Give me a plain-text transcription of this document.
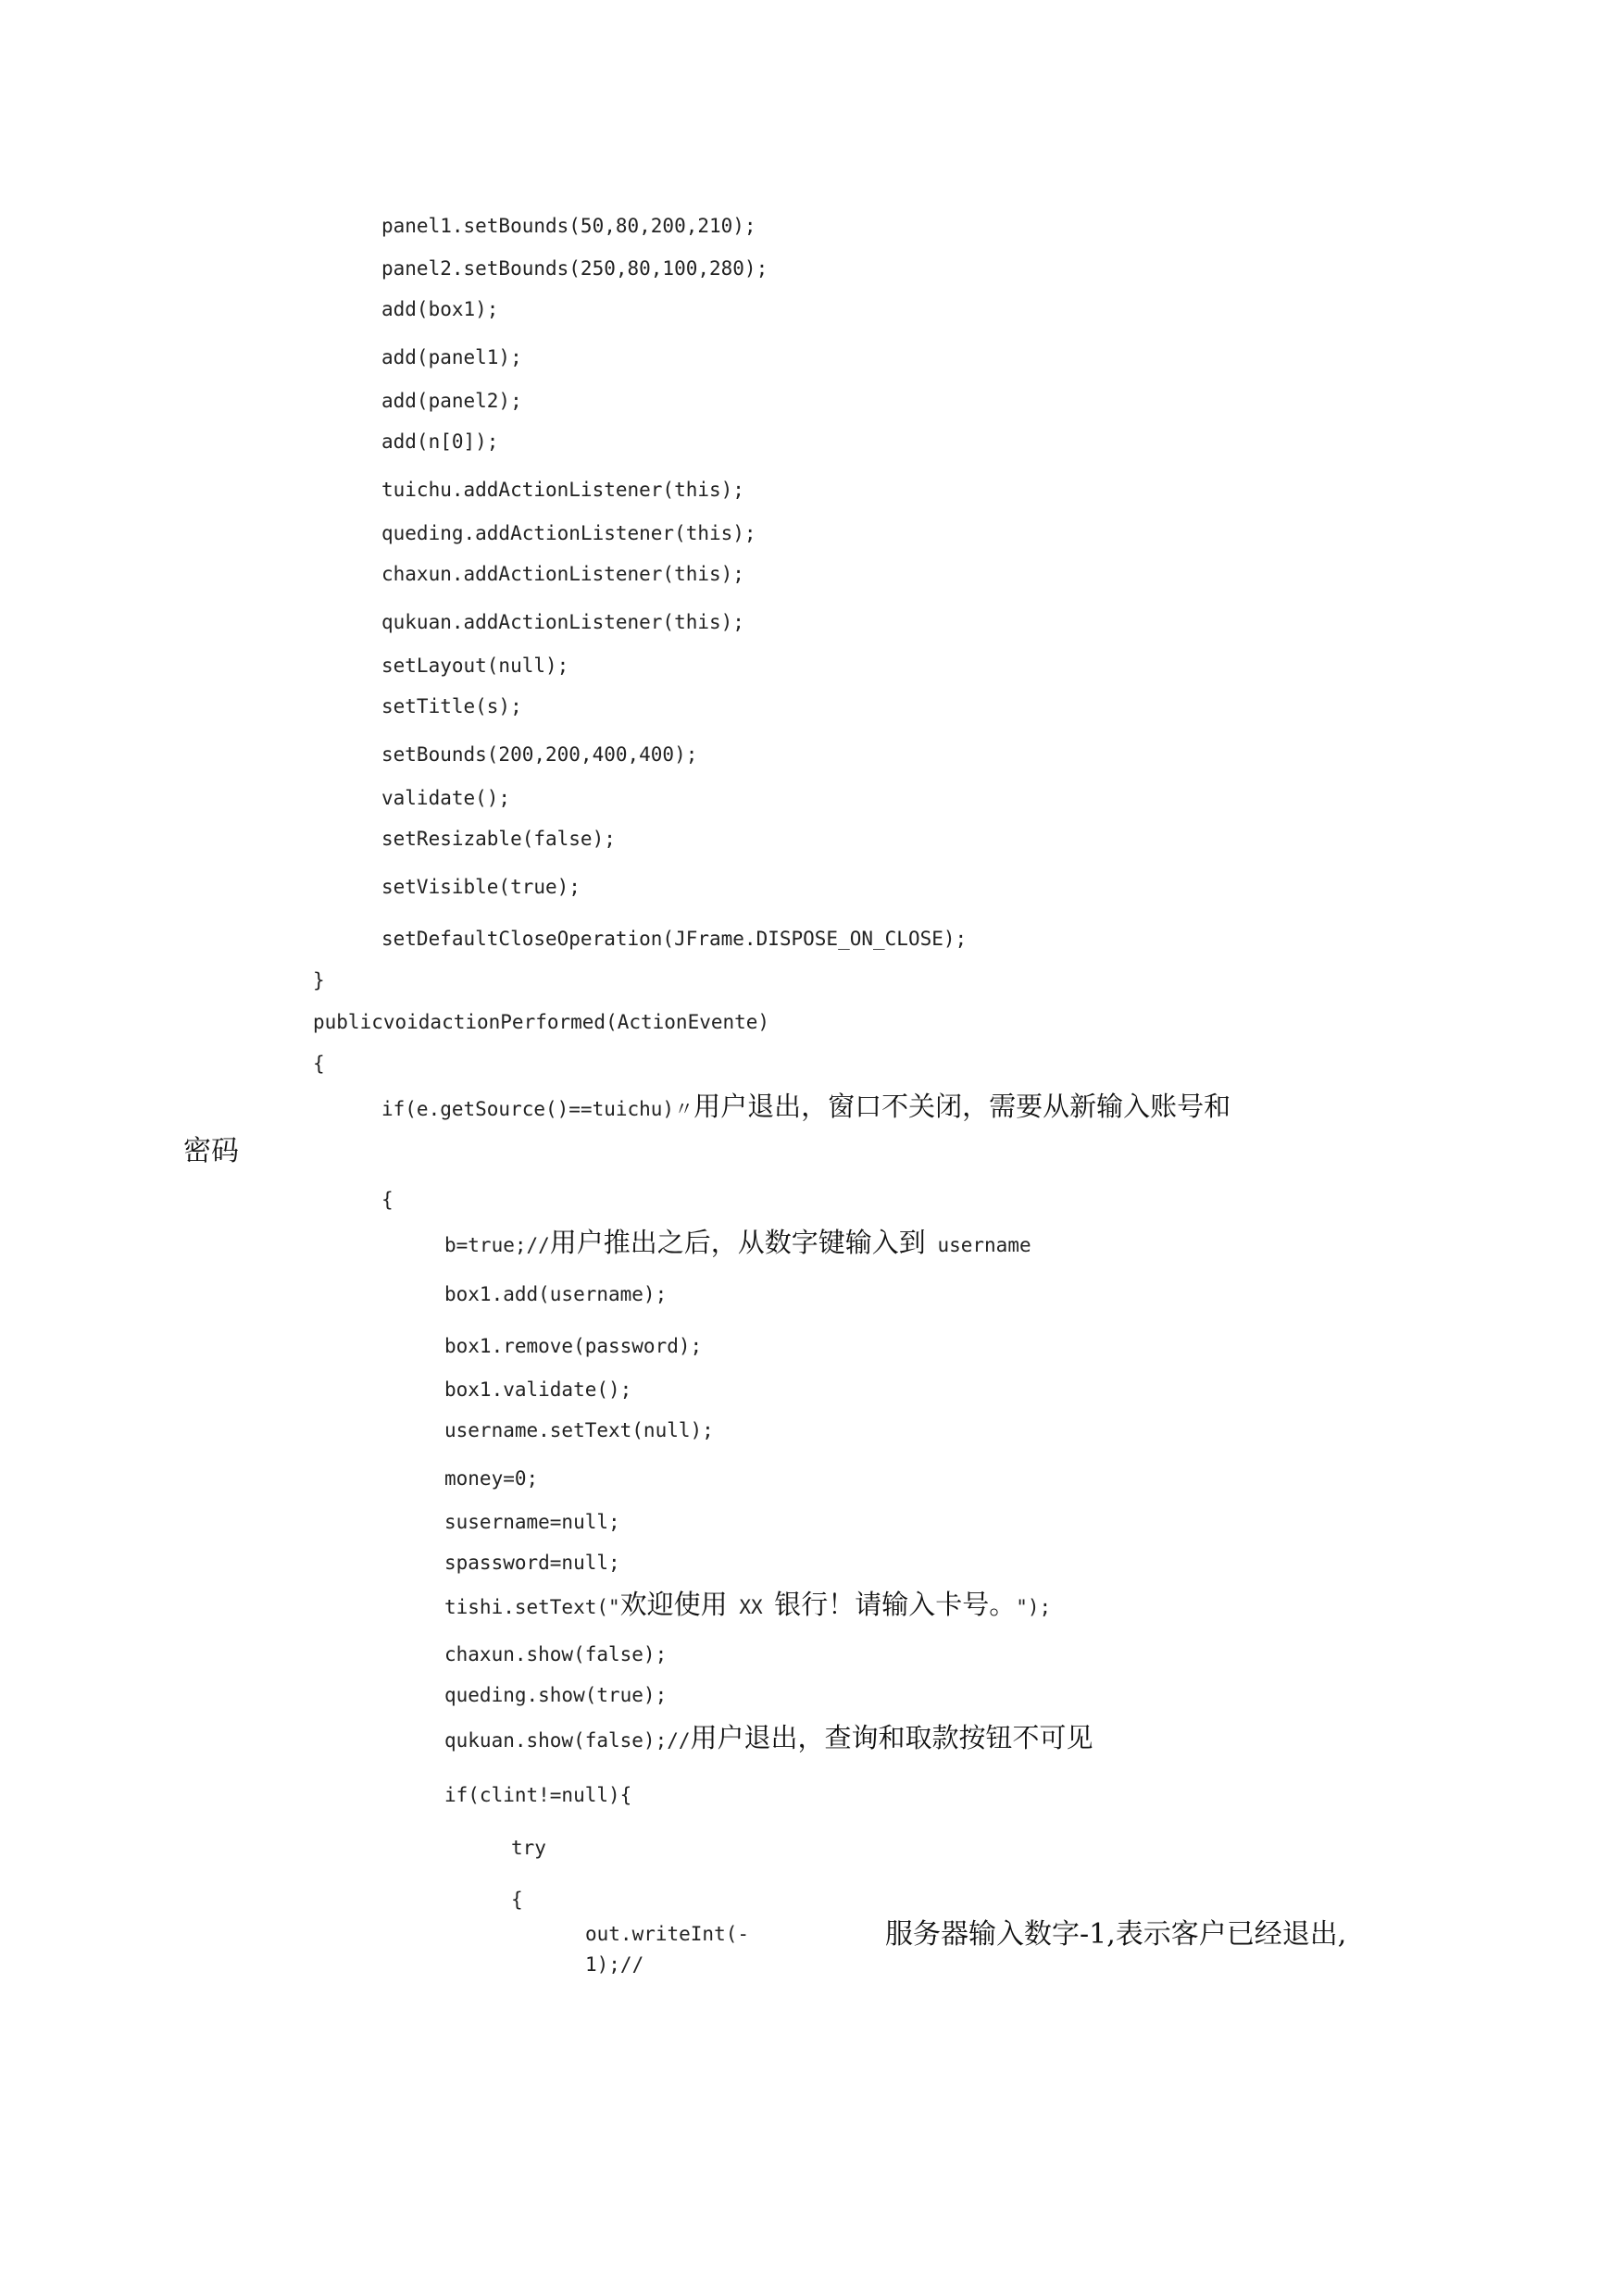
panel1.setBounds(50,80,200,210);
panel2.setBounds(250,80,100,280);
add(box1);
add(panel1);
add(panel2);
add(n[0]);
tuichu.addActionListener(this);
queding.addActionListener(this);
chaxun.addActionListener(this);
qukuan.addActionListener(this);
setLayout(null);
setTitle(s);
setBounds(200,200,400,400);
validate();
setResizable(false);
setVisible(true);
setDefaultCloseOperation(JFrame.DISPOSE_ON_CLOSE);
}
publicvoidactionPerformed(ActionEvente)
{
if(e.getSource()==tuichu)〃用户退出，窗口不关闭，需要从新输入账号和
密码
{
b=true;//用户推出之后，从数字键输入到 username
box1.add(username);
box1.remove(password);
box1.validate();
username.setText(null);
money=0;
susername=null;
spassword=null;
tishi.setText("欢迎使用 XX 银行！请输入卡号。");
chaxun.show(false);
queding.show(true);
qukuan.show(false);//用户退出，查询和取款按钮不可见
if(clint!=null){
try
{
out.writeInt(-
1);//
服务器输入数字-1,表示客户已经退出,
